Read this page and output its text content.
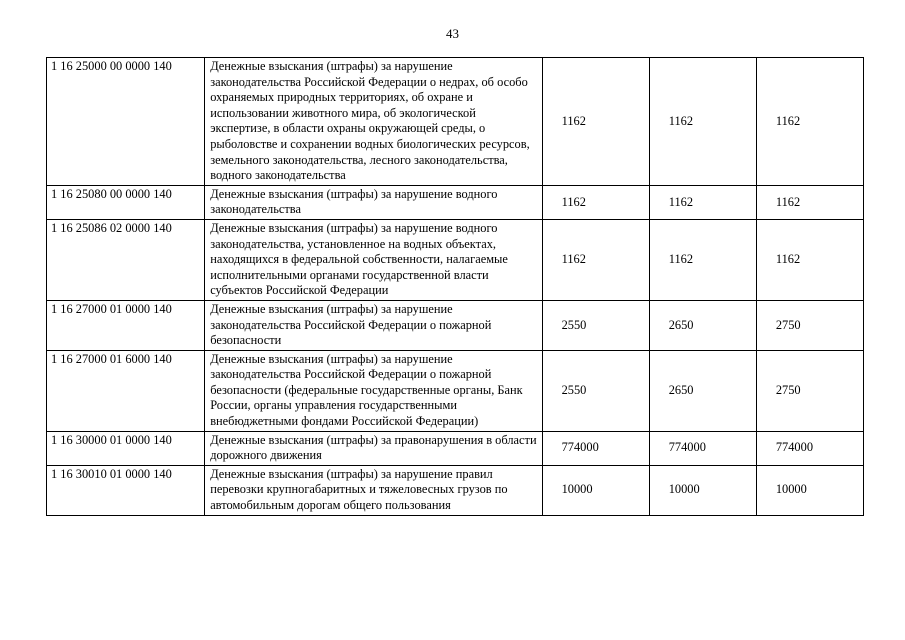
43
1 16 25000 00 0000 140	Денежные взыскания (штрафы) за нарушение законодательства Российской Федерации о недрах, об особо охраняемых природных территориях, об охране и использовании животного мира, об экологической экспертизе, в области охраны окружающей среды, о рыболовстве и сохранении водных биологических ресурсов, земельного законодательства, лесного законодательства, водного законодательства	1162	1162	1162
1 16 25080 00 0000 140	Денежные взыскания (штрафы) за нарушение водного законодательства	1162	1162	1162
1 16 25086 02 0000 140	Денежные взыскания (штрафы) за нарушение водного законодательства, установленное на водных объектах, находящихся в федеральной собственности, налагаемые исполнительными органами государственной власти субъектов Российской Федерации	1162	1162	1162
1 16 27000 01 0000 140	Денежные взыскания (штрафы) за нарушение законодательства Российской Федерации о пожарной безопасности	2550	2650	2750
1 16 27000 01 6000 140	Денежные взыскания (штрафы) за нарушение законодательства Российской Федерации о пожарной безопасности (федеральные государственные органы, Банк России, органы управления государственными внебюджетными фондами Российской Федерации)	2550	2650	2750
1 16 30000 01 0000 140	Денежные взыскания (штрафы) за правонарушения в области дорожного движения	774000	774000	774000
1 16 30010 01 0000 140	Денежные взыскания (штрафы) за нарушение правил перевозки крупногабаритных и тяжеловесных грузов по автомобильным дорогам общего пользования	10000	10000	10000
